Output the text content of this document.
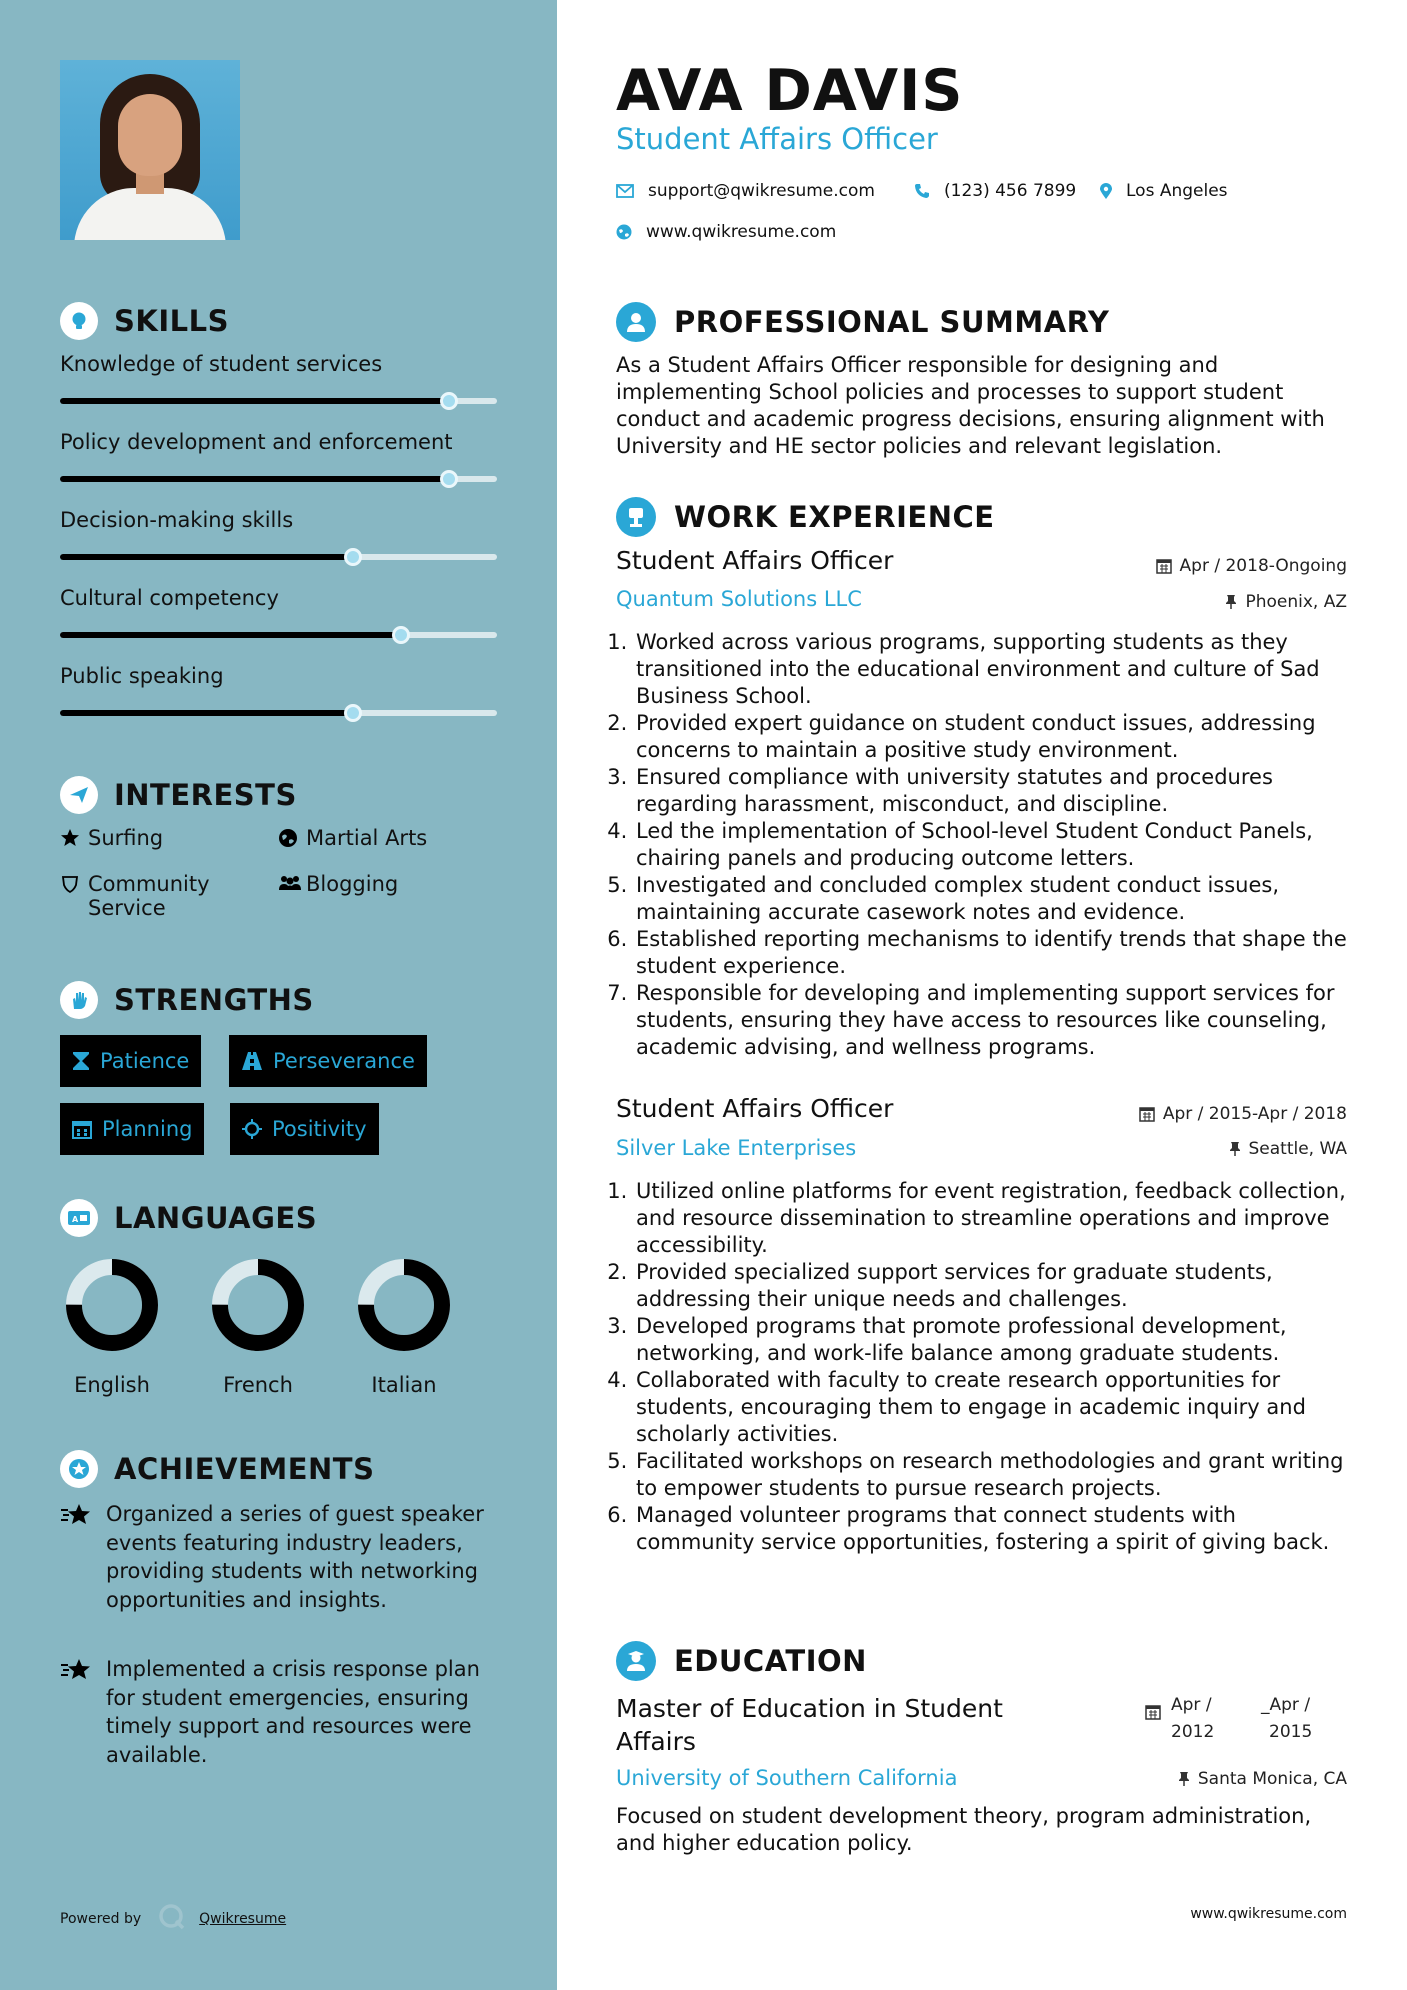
SKILLS
Knowledge of student services
Policy development and enforcement
Decision-making skills
Cultural competency
Public speaking
INTERESTS
Surfing	Martial Arts
Community Service
Blogging
STRENGTHS
Patience	Perseverance
Planning	Positivity
A LANGUAGES
English	French	Italian
ACHIEVEMENTS
Organized a series of guest speaker events featuring industry leaders, providing students with networking opportunities and insights.
Implemented a crisis response plan for student emergencies, ensuring timely support and resources were available.
Powered by	Qwikresume
AVA DAVIS
Student Affairs Officer
support@qwikresume.com	(123) 456 7899	Los Angeles
www.qwikresume.com
PROFESSIONAL SUMMARY
As a Student Affairs Officer responsible for designing and implementing School policies and processes to support student conduct and academic progress decisions, ensuring alignment with University and HE sector policies and relevant legislation.
WORK EXPERIENCE
Student Affairs Officer
Quantum Solutions LLC
Apr / 2018-Ongoing
Phoenix, AZ
1. Worked across various programs, supporting students as they transitioned into the educational environment and culture of Sad Business School.
2. Provided expert guidance on student conduct issues, addressing concerns to maintain a positive study environment.
3. Ensured compliance with university statutes and procedures regarding harassment, misconduct, and discipline.
4. Led the implementation of School-level Student Conduct Panels, chairing panels and producing outcome letters.
5. Investigated and concluded complex student conduct issues, maintaining accurate casework notes and evidence.
6. Established reporting mechanisms to identify trends that shape the student experience.
7. Responsible for developing and implementing support services for students, ensuring they have access to resources like counseling, academic advising, and wellness programs.
Student Affairs Officer
Silver Lake Enterprises
Apr / 2015-Apr / 2018
Seattle, WA
1. Utilized online platforms for event registration, feedback collection, and resource dissemination to streamline operations and improve accessibility.
2. Provided specialized support services for graduate students, addressing their unique needs and challenges.
3. Developed programs that promote professional development, networking, and work-life balance among graduate students.
4. Collaborated with faculty to create research opportunities for students, encouraging them to engage in academic inquiry and scholarly activities.
5. Facilitated workshops on research methodologies and grant writing to empower students to pursue research projects.
6. Managed volunteer programs that connect students with community service opportunities, fostering a spirit of giving back.
EDUCATION
Master of Education in Student Affairs
Apr /
2012
_Apr /
2015
University of Southern California	Santa Monica, CA
Focused on student development theory, program administration, and higher education policy.
www.qwikresume.com
